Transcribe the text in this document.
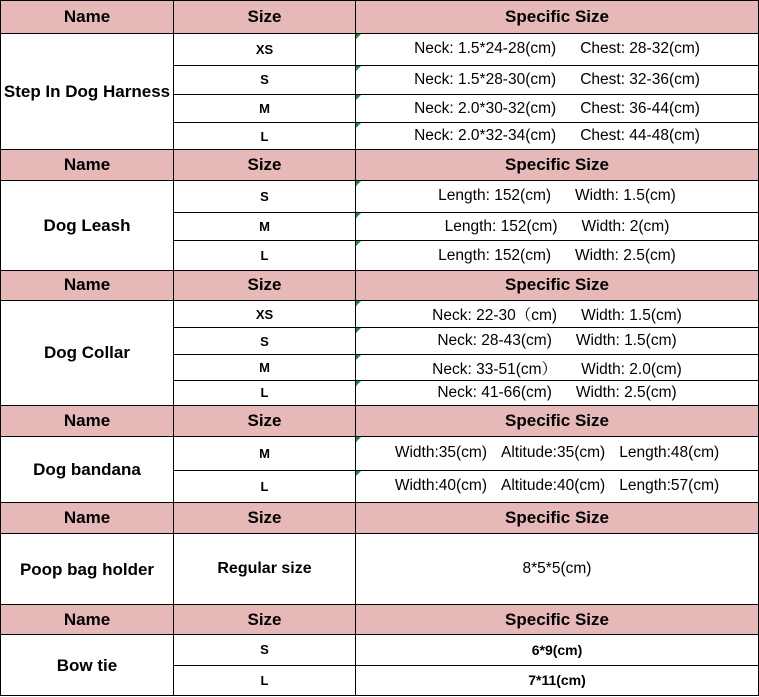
Name	Size	Specific Size
Step In Dog Harness	XS	Neck: 1.5*24-28(cm) Chest: 28-32(cm)
	S	Neck: 1.5*28-30(cm) Chest: 32-36(cm)
	M	Neck: 2.0*30-32(cm) Chest: 36-44(cm)
	L	Neck: 2.0*32-34(cm) Chest: 44-48(cm)
Name	Size	Specific Size
Dog Leash	S	Length: 152(cm) Width: 1.5(cm)
	M	Length: 152(cm) Width: 2(cm)
	L	Length: 152(cm) Width: 2.5(cm)
Name	Size	Specific Size
Dog Collar	XS	Neck: 22-30（cm) Width: 1.5(cm)
	S	Neck: 28-43(cm) Width: 1.5(cm)
	M	Neck: 33-51(cm） Width: 2.0(cm)
	L	Neck: 41-66(cm) Width: 2.5(cm)
Name	Size	Specific Size
Dog bandana	M	Width:35(cm) Altitude:35(cm) Length:48(cm)
	L	Width:40(cm) Altitude:40(cm) Length:57(cm)
Name	Size	Specific Size
Poop bag holder	Regular size	8*5*5(cm)
Name	Size	Specific Size
Bow tie	S	6*9(cm)
	L	7*11(cm)
